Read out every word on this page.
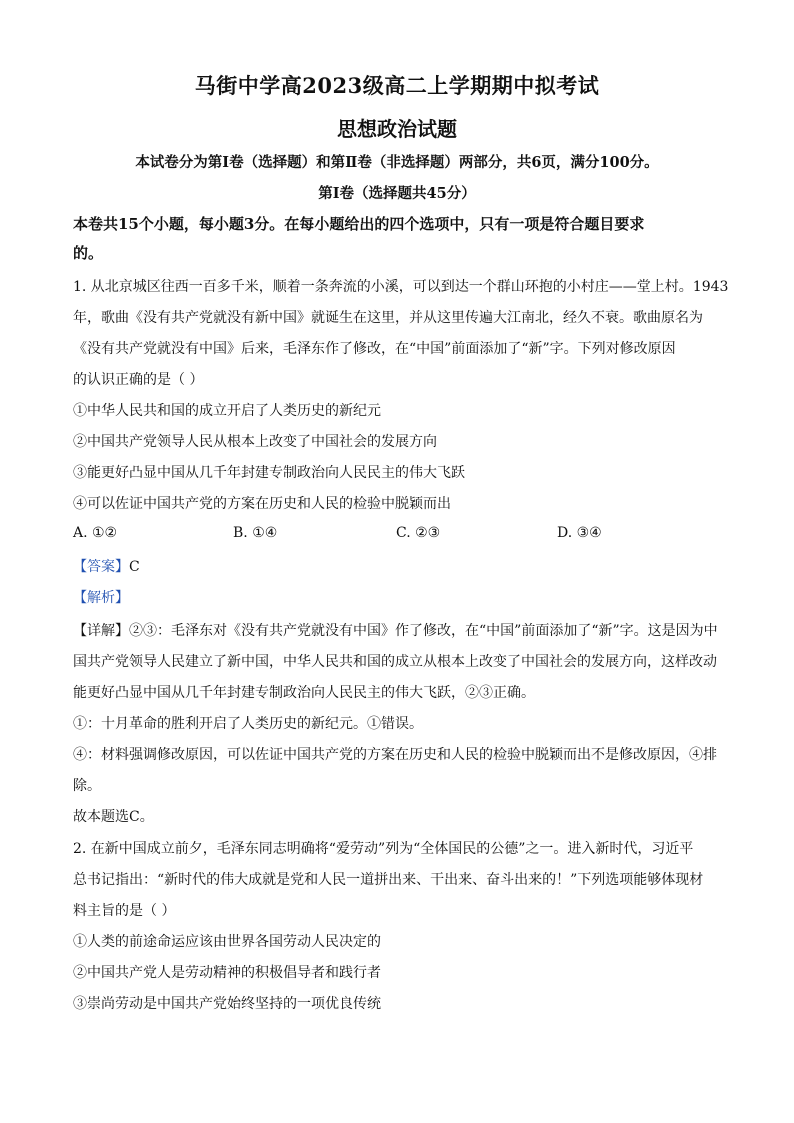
马街中学高2023级高二上学期期中拟考试
思想政治试题
本试卷分为第Ⅰ卷（选择题）和第Ⅱ卷（非选择题）两部分，共6页，满分100分。
第Ⅰ卷（选择题共45分）
本卷共15个小题，每小题3分。在每小题给出的四个选项中，只有一项是符合题目要求
的。
1. 从北京城区往西一百多千米，顺着一条奔流的小溪，可以到达一个群山环抱的小村庄——堂上村。1943
年，歌曲《没有共产党就没有新中国》就诞生在这里，并从这里传遍大江南北，经久不衰。歌曲原名为
《没有共产党就没有中国》后来，毛泽东作了修改，在“中国”前面添加了“新”字。下列对修改原因
的认识正确的是（ ）
①中华人民共和国的成立开启了人类历史的新纪元
②中国共产党领导人民从根本上改变了中国社会的发展方向
③能更好凸显中国从几千年封建专制政治向人民民主的伟大飞跃
④可以佐证中国共产党的方案在历史和人民的检验中脱颖而出
A. ①②	B. ①④	C. ②③	D. ③④
【答案】C
【解析】
【详解】②③：毛泽东对《没有共产党就没有中国》作了修改，在“中国”前面添加了“新”字。这是因为中
国共产党领导人民建立了新中国，中华人民共和国的成立从根本上改变了中国社会的发展方向，这样改动
能更好凸显中国从几千年封建专制政治向人民民主的伟大飞跃，②③正确。
①：十月革命的胜利开启了人类历史的新纪元。①错误。
④：材料强调修改原因，可以佐证中国共产党的方案在历史和人民的检验中脱颖而出不是修改原因，④排
除。
故本题选C。
2. 在新中国成立前夕，毛泽东同志明确将“爱劳动”列为“全体国民的公德”之一。进入新时代，习近平
总书记指出：“新时代的伟大成就是党和人民一道拼出来、干出来、奋斗出来的！”下列选项能够体现材
料主旨的是（ ）
①人类的前途命运应该由世界各国劳动人民决定的
②中国共产党人是劳动精神的积极倡导者和践行者
③崇尚劳动是中国共产党始终坚持的一项优良传统
